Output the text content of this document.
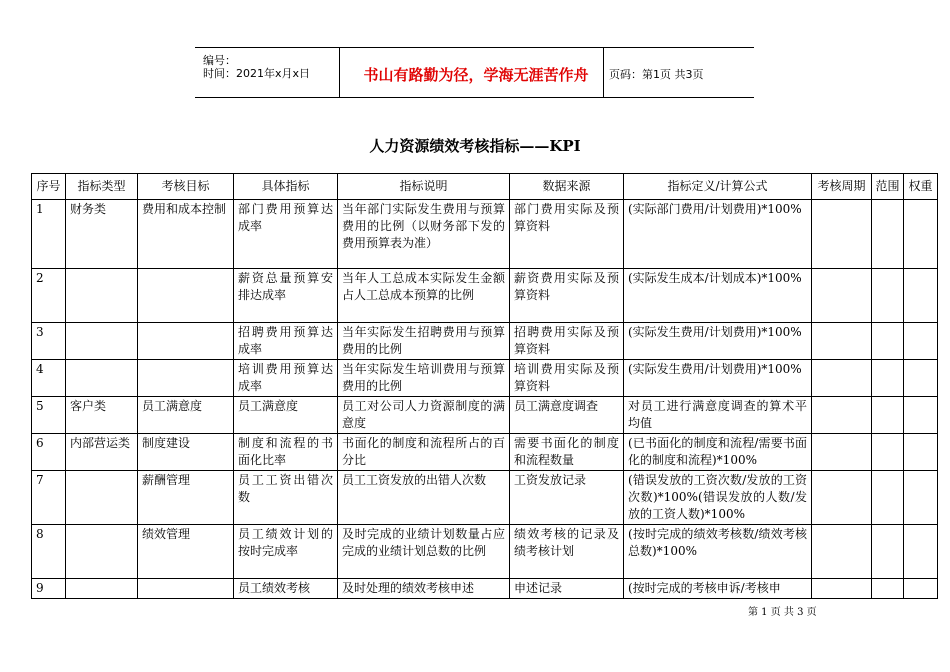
编号：
时间：2021年x月x日	书山有路勤为径，学海无涯苦作舟	页码：第1页 共3页
人力资源绩效考核指标——KPI
序号	指标类型	考核目标	具体指标	指标说明	数据来源	指标定义/计算公式	考核周期	范围	权重
1	财务类	费用和成本控制	部门费用预算达成率	当年部门实际发生费用与预算费用的比例（以财务部下发的费用预算表为准）	部门费用实际及预算资料	(实际部门费用/计划费用)*100%			
2			薪资总量预算安排达成率	当年人工总成本实际发生金额占人工总成本预算的比例	薪资费用实际及预算资料	(实际发生成本/计划成本)*100%			
3			招聘费用预算达成率	当年实际发生招聘费用与预算费用的比例	招聘费用实际及预算资料	(实际发生费用/计划费用)*100%			
4			培训费用预算达成率	当年实际发生培训费用与预算费用的比例	培训费用实际及预算资料	(实际发生费用/计划费用)*100%			
5	客户类	员工满意度	员工满意度	员工对公司人力资源制度的满意度	员工满意度调查	对员工进行满意度调查的算术平均值			
6	内部营运类	制度建设	制度和流程的书面化比率	书面化的制度和流程所占的百分比	需要书面化的制度和流程数量	(已书面化的制度和流程/需要书面化的制度和流程)*100%			
7		薪酬管理	员工工资出错次数	员工工资发放的出错人次数	工资发放记录	(错误发放的工资次数/发放的工资次数)*100%(错误发放的人数/发放的工资人数)*100%			
8		绩效管理	员工绩效计划的按时完成率	及时完成的业绩计划数量占应完成的业绩计划总数的比例	绩效考核的记录及绩考核计划	(按时完成的绩效考核数/绩效考核总数)*100%			
9			员工绩效考核	及时处理的绩效考核申述	申述记录	(按时完成的考核申诉/考核申			
第 1 页 共 3 页
